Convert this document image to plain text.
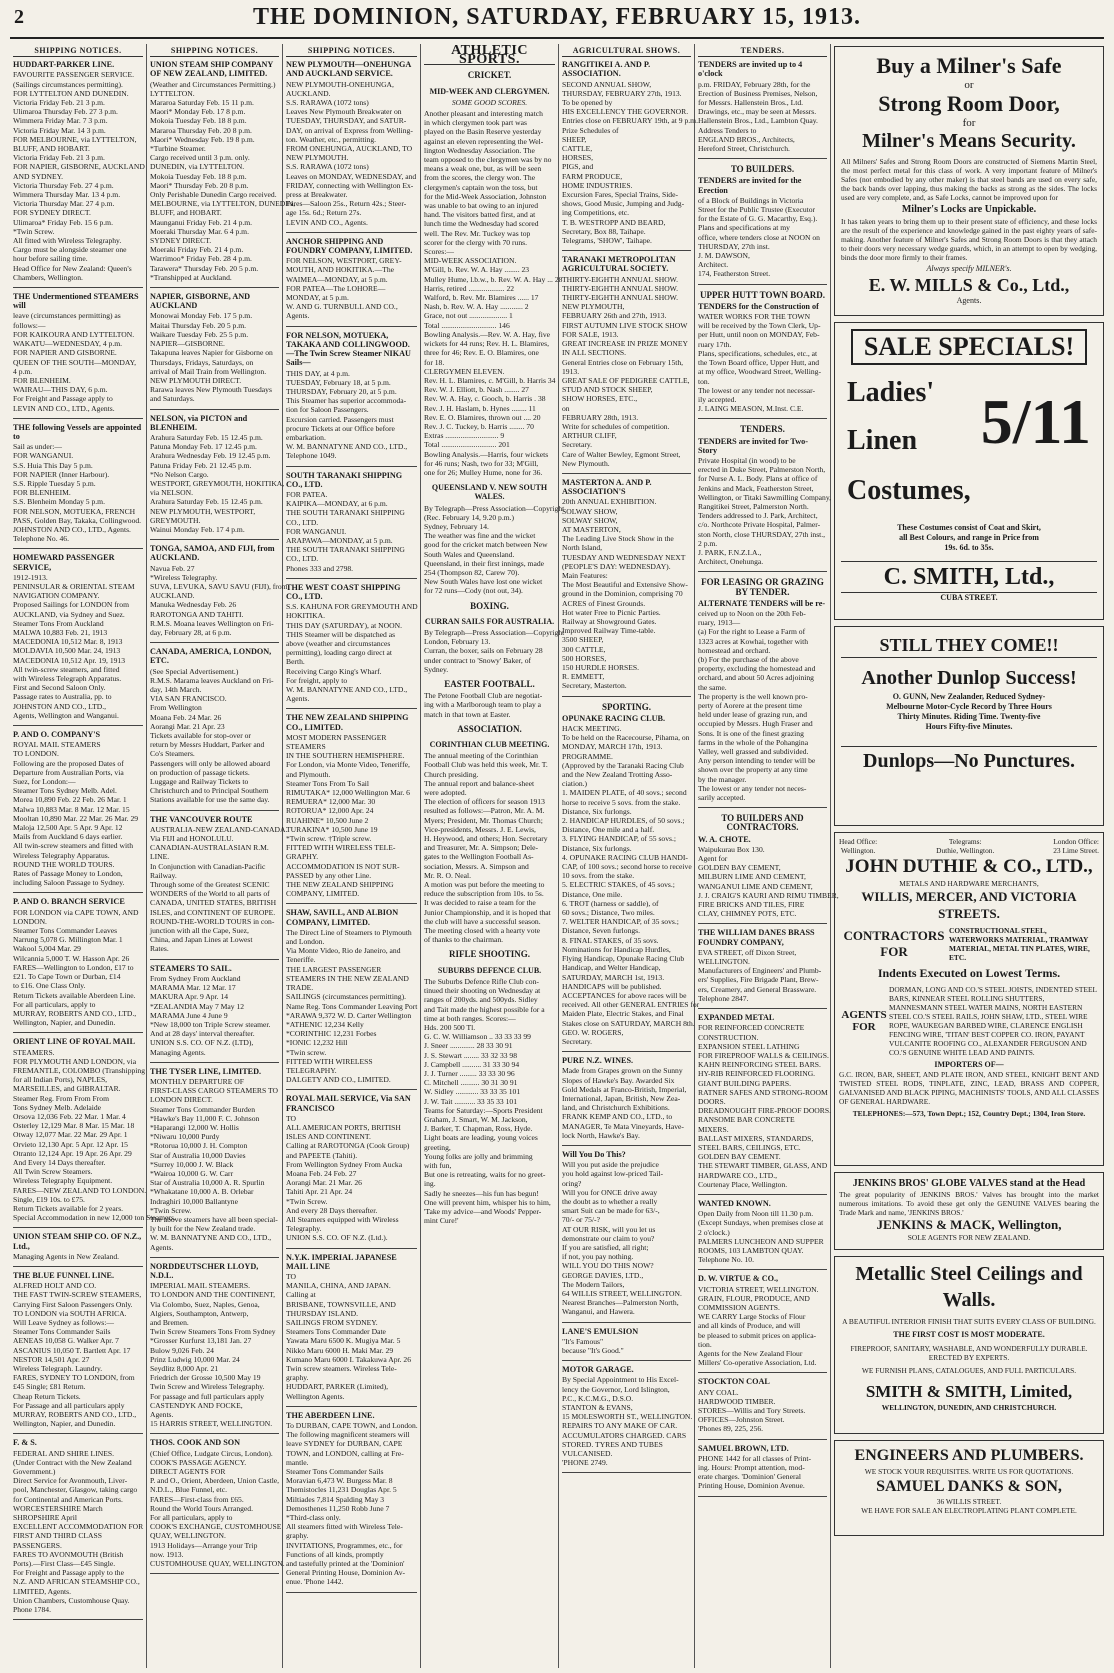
2	THE DOMINION, SATURDAY, FEBRUARY 15, 1913.
SHIPPING NOTICES.
HUDDART-PARKER LINE.
FAVOURITE PASSENGER SERVICE.
(Sailings circumstances permitting).
FOR LYTTELTON AND DUNEDIN.
Victoria Friday Feb. 21 3 p.m.
Ulimaroa Thursday Feb. 27 3 p.m.
Wimmera Friday Mar. 7 3 p.m.
Victoria Friday Mar. 14 3 p.m.
FOR MELBOURNE, via LYTTELTON,
BLUFF, AND HOBART.
Victoria Friday Feb. 21 3 p.m.
FOR NAPIER, GISBORNE, AUCKLAND
AND SYDNEY.
Victoria Thursday Feb. 27 4 p.m.
Wimmera Thursday Mar. 13 4 p.m.
Victoria Thursday Mar. 27 4 p.m.
FOR SYDNEY DIRECT.
Ulimaroa* Friday Feb. 15 6 p.m.
*Twin Screw.
All fitted with Wireless Telegraphy.
Cargo must be alongside steamer one
hour before sailing time.
Head Office for New Zealand: Queen's
Chambers, Wellington.
THE Undermentioned STEAMERS will
leave (circumstances permitting) as
follows:—
FOR KAIKOURA AND LYTTELTON.
WAKATU—WEDNESDAY, 4 p.m.
FOR NAPIER AND GISBORNE.
QUEEN OF THE SOUTH—MONDAY,
4 p.m.
FOR BLENHEIM.
WAIRAU—THIS DAY, 6 p.m.
For Freight and Passage apply to
LEVIN AND CO., LTD., Agents.
THE following Vessels are appointed to
Sail as under:—
FOR WANGANUI.
S.S. Huia This Day 5 p.m.
FOR NAPIER (Inner Harbour).
S.S. Ripple Tuesday 5 p.m.
FOR BLENHEIM.
S.S. Blenheim Monday 5 p.m.
FOR NELSON, MOTUEKA, FRENCH
PASS, Golden Bay, Takaka, Collingwood.
JOHNSTON AND CO., LTD., Agents.
Telephone No. 46.
HOMEWARD PASSENGER SERVICE,
1912-1913.
PENINSULAR & ORIENTAL STEAM
NAVIGATION COMPANY.
Proposed Sailings for LONDON from
AUCKLAND, via Sydney and Suez.
Steamer Tons From Auckland
MALWA 10,883 Feb. 21, 1913
MACEDONIA 10,512 Mar. 8, 1913
MOLDAVIA 10,500 Mar. 24, 1913
MACEDONIA 10,512 Apr. 19, 1913
All twin-screw steamers, and fitted
with Wireless Telegraph Apparatus.
First and Second Saloon Only.
Passage rates to Australia, pp. to
JOHNSTON AND CO., LTD.,
Agents, Wellington and Wanganui.
P. AND O. COMPANY'S
ROYAL MAIL STEAMERS
TO LONDON.
Following are the proposed Dates of
Departure from Australian Ports, via
Suez, for London:—
Steamer Tons Sydney Melb. Adel.
Morea 10,890 Feb. 22 Feb. 26 Mar. 1
Malwa 10,883 Mar. 8 Mar. 12 Mar. 15
Mooltan 10,890 Mar. 22 Mar. 26 Mar. 29
Maloja 12,500 Apr. 5 Apr. 9 Apr. 12
Mails from Auckland 6 days earlier.
All twin-screw steamers and fitted with
Wireless Telegraphy Apparatus.
ROUND THE WORLD TOURS.
Rates of Passage Money to London,
including Saloon Passage to Sydney.
P. AND O. BRANCH SERVICE
FOR LONDON via CAPE TOWN, AND
LONDON.
Steamer Tons Commander Leaves
Narrung 5,078 G. Millington Mar. 1
Wakool 5,004 Mar. 29
Wilcannia 5,000 T. W. Hasson Apr. 26
FARES—Wellington to London, £17 to
£21. To Cape Town or Durban, £14
to £16. One Class Only.
Return Tickets available Aberdeen Line.
For all particulars, apply to
MURRAY, ROBERTS AND CO., LTD.,
Wellington, Napier, and Dunedin.
ORIENT LINE OF ROYAL MAIL
STEAMERS.
FOR PLYMOUTH AND LONDON, via
FREMANTLE, COLOMBO (Transhipping
for all Indian Ports), NAPLES,
MARSEILLES, and GIBRALTAR.
Steamer Reg. From From From
Tons Sydney Melb. Adelaide
Orsova 12,036 Feb. 22 Mar. 1 Mar. 4
Osterley 12,129 Mar. 8 Mar. 15 Mar. 18
Otway 12,077 Mar. 22 Mar. 29 Apr. 1
Orvieto 12,130 Apr. 5 Apr. 12 Apr. 15
Otranto 12,124 Apr. 19 Apr. 26 Apr. 29
And Every 14 Days thereafter.
All Twin Screw Steamers.
Wireless Telegraphy Equipment.
FARES—NEW ZEALAND TO LONDON.
Single, £19 10s. to £75.
Return Tickets available for 2 years.
Special Accommodation in new 12,000 ton Steamers.
UNION STEAM SHIP CO. OF N.Z., Ltd.,
Managing Agents in New Zealand.
THE BLUE FUNNEL LINE.
ALFRED HOLT AND CO.
THE FAST TWIN-SCREW STEAMERS,
Carrying First Saloon Passengers Only.
TO LONDON via SOUTH AFRICA.
Will Leave Sydney as follows:—
Steamer Tons Commander Sails
AENEAS 10,058 G. Walker Apr. 7
ASCANIUS 10,050 T. Bartlett Apr. 17
NESTOR 14,501 Apr. 27
Wireless Telegraph. Laundry.
FARES, SYDNEY TO LONDON, from
£45 Single; £81 Return.
Cheap Return Tickets.
For Passage and all particulars apply
MURRAY, ROBERTS AND CO., LTD.,
Wellington, Napier, and Dunedin.
F. & S.
FEDERAL AND SHIRE LINES.
(Under Contract with the New Zealand
Government.)
Direct Service for Avonmouth, Liver-
pool, Manchester, Glasgow, taking cargo
for Continental and American Ports.
WORCESTERSHIRE March
SHROPSHIRE April
EXCELLENT ACCOMMODATION FOR
FIRST AND THIRD CLASS
PASSENGERS.
FARES TO AVONMOUTH (British
Ports).—First Class—£45 Single.
For Freight and Passage apply to the
N.Z. AND AFRICAN STEAMSHIP CO.,
LIMITED, Agents.
Union Chambers, Customhouse Quay.
Phone 1784.
SHIPPING NOTICES.
UNION STEAM SHIP COMPANY OF NEW ZEALAND, LIMITED.
(Weather and Circumstances Permitting.)
LYTTELTON.
Mararoa Saturday Feb. 15 11 p.m.
Maori* Monday Feb. 17 8 p.m.
Mokoia Tuesday Feb. 18 8 p.m.
Mararoa Thursday Feb. 20 8 p.m.
Maori* Wednesday Feb. 19 8 p.m.
*Turbine Steamer.
Cargo received until 3 p.m. only.
DUNEDIN, via LYTTELTON.
Mokoia Tuesday Feb. 18 8 p.m.
Maori* Thursday Feb. 20 8 p.m.
Only Perishable Dunedin Cargo received.
MELBOURNE, via LYTTELTON, DUNEDIN,
BLUFF, and HOBART.
Maunganui Friday Feb. 21 4 p.m.
Moeraki Thursday Mar. 6 4 p.m.
SYDNEY DIRECT.
Moeraki Friday Feb. 21 4 p.m.
Warrimoo* Friday Feb. 28 4 p.m.
Tarawera* Thursday Feb. 20 5 p.m.
*Transhipped at Auckland.
NAPIER, GISBORNE, AND AUCKLAND
Monowai Monday Feb. 17 5 p.m.
Maitai Thursday Feb. 20 5 p.m.
Waikare Tuesday Feb. 25 5 p.m.
NAPIER—GISBORNE.
Takapuna leaves Napier for Gisborne on
Thursdays, Fridays, Saturdays, on
arrival of Mail Train from Wellington.
NEW PLYMOUTH DIRECT.
Rarawa leaves New Plymouth Tuesdays
and Saturdays.
NELSON, via PICTON and BLENHEIM.
Arahura Saturday Feb. 15 12.45 p.m.
Patuna Monday Feb. 17 12.45 p.m.
Arahura Wednesday Feb. 19 12.45 p.m.
Patuna Friday Feb. 21 12.45 p.m.
*No Nelson Cargo.
WESTPORT, GREYMOUTH, HOKITIKA,
via NELSON.
Arahura Saturday Feb. 15 12.45 p.m.
NEW PLYMOUTH, WESTPORT,
GREYMOUTH.
Wainui Monday Feb. 17 4 p.m.
TONGA, SAMOA, AND FIJI, from AUCKLAND.
Navua Feb. 27
*Wireless Telegraphy.
SUVA, LEVUKA, SAVU SAVU (FIJI), from
AUCKLAND.
Manuka Wednesday Feb. 26
RAROTONGA AND TAHITI.
R.M.S. Moana leaves Wellington on Fri-
day, February 28, at 6 p.m.
CANADA, AMERICA, LONDON, ETC.
(See Special Advertisement.)
R.M.S. Marama leaves Auckland on Fri-
day, 14th March.
VIA SAN FRANCISCO.
From Wellington
Moana Feb. 24 Mar. 26
Aorangi Mar. 21 Apr. 23
Tickets available for stop-over or
return by Messrs Huddart, Parker and
Co's Steamers.
Passengers will only be allowed aboard
on production of passage tickets.
Luggage and Railway Tickets to
Christchurch and to Principal Southern
Stations available for use the same day.
THE VANCOUVER ROUTE
AUSTRALIA-NEW ZEALAND-CANADA.
Via FIJI and HONOLULU.
CANADIAN-AUSTRALASIAN R.M.
LINE.
In Conjunction with Canadian-Pacific
Railway.
Through some of the Greatest SCENIC
WONDERS of the World to all parts of
CANADA, UNITED STATES, BRITISH
ISLES, and CONTINENT OF EUROPE.
ROUND-THE-WORLD TOURS in con-
junction with all the Cape, Suez,
China, and Japan Lines at Lowest
Rates.
STEAMERS TO SAIL.
From Sydney From Auckland
MARAMA Mar. 12 Mar. 17
MAKURA Apr. 9 Apr. 14
*ZEALANDIA May 7 May 12
MARAMA June 4 June 9
*New 18,000 ton Triple Screw steamer.
And at 28 days' interval thereafter.
UNION S.S. CO. OF N.Z. (LTD),
Managing Agents.
THE TYSER LINE, LIMITED.
MONTHLY DEPARTURE OF
FIRST-CLASS CARGO STEAMERS TO
LONDON DIRECT.
Steamer Tons Commander Burden
*Hawke's Bay 11,000 F. C. Johnson
*Haparangi 12,000 W. Hollis
*Niwaru 10,000 Purdy
*Rotorua 10,000 J. H. Compton
Star of Australia 10,000 Davies
*Surrey 10,000 J. W. Black
*Wairoa 10,000 G. W. Carr
Star of Australia 10,000 A. R. Spurlin
*Whakatane 10,000 A. B. Orlebar
Indraghiri 10,000 Ballantyne
*Twin Screw.
The above steamers have all been special-
ly built for the New Zealand trade.
W. M. BANNATYNE AND CO., LTD.,
Agents.
NORDDEUTSCHER LLOYD, N.D.L.
IMPERIAL MAIL STEAMERS.
TO LONDON AND THE CONTINENT,
Via Colombo, Suez, Naples, Genoa,
Algiers, Southampton, Antwerp,
and Bremen.
Twin Screw Steamers Tons From Sydney
*Grosser Kurfurst 13,181 Jan. 27
Bulow 9,026 Feb. 24
Prinz Ludwig 10,000 Mar. 24
Seydlitz 8,000 Apr. 21
Friedrich der Grosse 10,500 May 19
Twin Screw and Wireless Telegraphy.
For passage and full particulars apply
CASTENDYK AND FOCKE,
Agents.
15 HARRIS STREET, WELLINGTON.
THOS. COOK AND SON
(Chief Office, Ludgate Circus, London).
COOK'S PASSAGE AGENCY.
DIRECT AGENTS FOR
P. and O., Orient, Aberdeen, Union Castle,
N.D.L., Blue Funnel, etc.
FARES—First-class from £65.
Round the World Tours Arranged.
For all particulars, apply to
COOK'S EXCHANGE, CUSTOMHOUSE
QUAY, WELLINGTON.
1913 Holidays—Arrange your Trip
now. 1913.
CUSTOMHOUSE QUAY, WELLINGTON.
SHIPPING NOTICES.
NEW PLYMOUTH—ONEHUNGA AND AUCKLAND SERVICE.
NEW PLYMOUTH-ONEHUNGA,
AUCKLAND.
S.S. RARAWA (1072 tons)
Leaves New Plymouth Breakwater on
TUESDAY, THURSDAY, and SATUR-
DAY, on arrival of Express from Welling-
ton. Weather, etc., permitting.
FROM ONEHUNGA, AUCKLAND, TO
NEW PLYMOUTH.
S.S. RARAWA (1072 tons)
Leaves on MONDAY, WEDNESDAY, and
FRIDAY, connecting with Wellington Ex-
press at Breakwater.
Fares—Saloon 25s., Return 42s.; Steer-
age 15s. 6d.; Return 27s.
LEVIN AND CO., Agents.
ANCHOR SHIPPING AND FOUNDRY COMPANY, LIMITED.
FOR NELSON, WESTPORT, GREY-
MOUTH, AND HOKITIKA.—The
WAIMEA—MONDAY, at 5 p.m.
FOR PATEA—The LOHORE—
MONDAY, at 5 p.m.
W. AND G. TURNBULL AND CO.,
Agents.
FOR NELSON, MOTUEKA, TAKAKA AND COLLINGWOOD.—The Twin Screw Steamer NIKAU Sails—
THIS DAY, at 4 p.m.
TUESDAY, February 18, at 5 p.m.
THURSDAY, February 20, at 5 p.m.
This Steamer has superior accommoda-
tion for Saloon Passengers.
Excursion carried. Passengers must
procure Tickets at our Office before
embarkation.
W. M. BANNATYNE AND CO., LTD.,
Telephone 1049.
SOUTH TARANAKI SHIPPING CO., LTD.
FOR PATEA.
KAIPIKA—MONDAY, at 6 p.m.
THE SOUTH TARANAKI SHIPPING
CO., LTD.
FOR WANGANUI.
ARAPAWA—MONDAY, at 5 p.m.
THE SOUTH TARANAKI SHIPPING
CO., LTD.
Phones 333 and 2798.
THE WEST COAST SHIPPING CO., LTD.
S.S. KAHUNA FOR GREYMOUTH AND
HOKITIKA.
THIS DAY (SATURDAY), at NOON.
THIS Steamer will be dispatched as
above (weather and circumstances
permitting), loading cargo direct at
Berth.
Receiving Cargo King's Wharf.
For freight, apply to
W. M. BANNATYNE AND CO., LTD.,
Agents.
THE NEW ZEALAND SHIPPING CO., LIMITED.
MOST MODERN PASSENGER
STEAMERS
IN THE SOUTHERN HEMISPHERE.
For London, via Monte Video, Teneriffe,
and Plymouth.
Steamer Tons From To Sail
RIMUTAKA* 12,000 Wellington Mar. 6
REMUERA* 12,000 Mar. 30
ROTORUA* 12,000 Apr. 24
RUAHINE* 10,500 June 2
TURAKINA* 10,500 June 19
*Twin screw. †Triple screw.
FITTED WITH WIRELESS TELE-
GRAPHY.
ACCOMMODATION IS NOT SUR-
PASSED by any other Line.
THE NEW ZEALAND SHIPPING
COMPANY, LIMITED.
SHAW, SAVILL, AND ALBION COMPANY, LIMITED.
The Direct Line of Steamers to Plymouth
and London.
Via Monte Video, Rio de Janeiro, and
Teneriffe.
THE LARGEST PASSENGER
STEAMERS IN THE NEW ZEALAND
TRADE.
SAILINGS (circumstances permitting).
Name Reg. Tons Commander Leaving Port
*ARAWA 9,372 W. D. Carter Wellington
*ATHENIC 12,234 Kelly
*CORINTHIC 12,231 Forbes
*IONIC 12,232 Hill
*Twin screw.
FITTED WITH WIRELESS
TELEGRAPHY.
DALGETY AND CO., LIMITED.
ROYAL MAIL SERVICE, Via SAN FRANCISCO
TO
ALL AMERICAN PORTS, BRITISH
ISLES AND CONTINENT.
Calling at RAROTONGA (Cook Group)
and PAPEETE (Tahiti).
From Wellington Sydney From Aucka
Moana Feb. 24 Feb. 27
Aorangi Mar. 21 Mar. 26
Tahiti Apr. 21 Apr. 24
*Twin Screw.
And every 28 Days thereafter.
All Steamers equipped with Wireless
Telegraphy.
UNION S.S. CO. OF N.Z. (Ltd.).
N.Y.K. IMPERIAL JAPANESE MAIL LINE
TO
MANILA, CHINA, AND JAPAN.
Calling at
BRISBANE, TOWNSVILLE, AND
THURSDAY ISLAND.
SAILINGS FROM SYDNEY.
Steamers Tons Commander Date
Yawata Maru 6500 K. Mugiya Mar. 5
Nikko Maru 6000 H. Maki Mar. 29
Kumano Maru 6000 I. Takakuwa Apr. 26
Twin screw steamers. Wireless Tele-
graphy.
HUDDART, PARKER (Limited),
Wellington Agents.
THE ABERDEEN LINE.
To DURBAN, CAPE TOWN, and London.
The following magnificent steamers will
leave SYDNEY for DURBAN, CAPE
TOWN, and LONDON, calling at Fre-
mantle.
Steamer Tons Commander Sails
Moravian 6,473 W. Burgess Mar. 8
Themistocles 11,231 Douglas Apr. 5
Miltiades 7,814 Spalding May 3
Demosthenes 11,250 Robb June 7
*Third-class only.
All steamers fitted with Wireless Tele-
graphy.
INVITATIONS, Programmes, etc., for
Functions of all kinds, promptly
and tastefully printed at the 'Dominion'
General Printing House, Dominion Av-
enue. 'Phone 1442.
ATHLETIC SPORTS.
CRICKET.
MID-WEEK AND CLERGYMEN.
SOME GOOD SCORES.
Another pleasant and interesting match
in which clergymen took part was
played on the Basin Reserve yesterday
against an eleven representing the Wel-
lington Wednesday Association. The
team opposed to the clergymen was by no
means a weak one, but, as will be seen
from the scores, the clergy won. The
clergymen's captain won the toss, but
for the Mid-Week Association, Johnston
was unable to bat owing to an injured
hand. The visitors batted first, and at
lunch time the Wednesday had scored
well. The Rev. Mr. Tuckey was top
scorer for the clergy with 70 runs.
Scores:—
MID-WEEK ASSOCIATION.
M'Gill, b. Rev. W. A. Hay ........ 23
Mulley Hume, l.b.w., b. Rev. W. A. Hay ... 28
Harris, retired ................... 22
Walford, b. Rev. Mr. Blamires ...... 17
Nash, b. Rev. W. A. Hay ............ 2
Grace, not out .................... 1
Total ............................. 146
Bowling Analysis.—Rev. W. A. Hay, five
wickets for 44 runs; Rev. H. L. Blamires,
three for 46; Rev. E. O. Blamires, one
for 18.
CLERGYMEN ELEVEN.
Rev. H. L. Blamires, c. M'Gill, b. Harris 34
Rev. W. J. Elliott, b. Nash ........ 27
Rev. W. A. Hay, c. Gooch, b. Harris . 38
Rev. J. H. Haslam, b. Hynes ........ 11
Rev. E. O. Blamires, thrown out .... 20
Rev. J. C. Tuckey, b. Harris ........ 70
Extras ............................ 9
Total ............................. 201
Bowling Analysis.—Harris, four wickets
for 46 runs; Nash, two for 33; M'Gill,
one for 26; Mulley Hume, none for 36.
QUEENSLAND V. NEW SOUTH WALES.
By Telegraph—Press Association—Copyright
(Rec. February 14, 9.20 p.m.)
Sydney, February 14.
The weather was fine and the wicket
good for the cricket match between New
South Wales and Queensland.
Queensland, in their first innings, made
254 (Thompson 82, Carew 70).
New South Wales have lost one wicket
for 72 runs—Cody (not out, 34).
BOXING.
CURRAN SAILS FOR AUSTRALIA.
By Telegraph—Press Association—Copyright
London, February 13.
Curran, the boxer, sails on February 28
under contract to 'Snowy' Baker, of
Sydney.
EASTER FOOTBALL.
The Petone Football Club are negotiat-
ing with a Marlborough team to play a
match in that town at Easter.
ASSOCIATION.
CORINTHIAN CLUB MEETING.
The annual meeting of the Corinthian
Football Club was held this week, Mr. T.
Church presiding.
The annual report and balance-sheet
were adopted.
The election of officers for season 1913
resulted as follows:—Patron, Mr. A. M.
Myers; President, Mr. Thomas Church;
Vice-presidents, Messrs. J. E. Lewis,
H. Heywood, and others; Hon. Secretary
and Treasurer, Mr. A. Simpson; Dele-
gates to the Wellington Football As-
sociation, Messrs. A. Simpson and
Mr. R. O. Neal.
A motion was put before the meeting to
reduce the subscription from 10s. to 5s.
It was decided to raise a team for the
Junior Championship, and it is hoped that
the club will have a successful season.
The meeting closed with a hearty vote
of thanks to the chairman.
RIFLE SHOOTING.
SUBURBS DEFENCE CLUB.
The Suburbs Defence Rifle Club con-
tinued their shooting on Wednesday at
ranges of 200yds. and 500yds. Sidley
and Tait made the highest possible for a
time at both ranges. Scores:—
Hds. 200 500 Tl.
G. C. W. Williamson .. 33 33 33 99
J. Sneer ............. 28 33 30 91
J. S. Stewart ........ 33 32 33 98
J. Campbell .......... 31 33 30 94
J. J. Turner ......... 33 33 30 96
C. Mitchell .......... 30 31 30 91
W. Sidley ............ 33 33 35 101
J. W. Tait ........... 33 35 33 101
Teams for Saturday:—Sports President
Graham, J. Smart, W. M. Jackson,
J. Barker, T. Chapman, Ross, Hyde.
Light boats are leading, young voices
greeting,
Young folks are jolly and brimming
with fun,
But one is retreating, waits for no greet-
ing.
Sadly he sneezes—his fun has begun!
One will prevent him, whisper his to him,
'Take my advice—and Woods' Pepper-
mint Cure!'
AGRICULTURAL SHOWS.
RANGITIKEI A. AND P. ASSOCIATION.
SECOND ANNUAL SHOW,
THURSDAY, FEBRUARY 27th, 1913.
To be opened by
HIS EXCELLENCY THE GOVERNOR.
Entries close on FEBRUARY 19th, at 9 p.m.
Prize Schedules of
SHEEP,
CATTLE,
HORSES,
PIGS, and
FARM PRODUCE,
HOME INDUSTRIES.
Excursion Fares, Special Trains, Side-
shows, Good Music, Jumping and Judg-
ing Competitions, etc.
T. B. WESTROPP AND BEARD,
Secretary, Box 88, Taihape.
Telegrams, 'SHOW', Taihape.
TARANAKI METROPOLITAN AGRICULTURAL SOCIETY.
THIRTY-EIGHTH ANNUAL SHOW.
THIRTY-EIGHTH ANNUAL SHOW.
THIRTY-EIGHTH ANNUAL SHOW.
NEW PLYMOUTH,
FEBRUARY 26th and 27th, 1913.
FIRST AUTUMN LIVE STOCK SHOW
FOR SALE, 1913.
GREAT INCREASE IN PRIZE MONEY
IN ALL SECTIONS.
General Entries close on February 15th,
1913.
GREAT SALE OF PEDIGREE CATTLE,
STUD AND STOCK SHEEP,
SHOW HORSES, ETC.,
on
FEBRUARY 28th, 1913.
Write for schedules of competition.
ARTHUR CLIFF,
Secretary.
Care of Walter Bewley, Egmont Street,
New Plymouth.
MASTERTON A. AND P. ASSOCIATION'S
20th ANNUAL EXHIBITION.
SOLWAY SHOW,
SOLWAY SHOW,
AT MASTERTON,
The Leading Live Stock Show in the
North Island,
TUESDAY AND WEDNESDAY NEXT
(PEOPLE'S DAY: WEDNESDAY).
Main Features:
The Most Beautiful and Extensive Show-
ground in the Dominion, comprising 70
ACRES of Finest Grounds.
Hot water Free to Picnic Parties.
Railway at Showground Gates.
Improved Railway Time-table.
3500 SHEEP,
300 CATTLE,
500 HORSES,
150 HURDLE HORSES.
R. EMMETT,
Secretary, Masterton.
SPORTING.
OPUNAKE RACING CLUB.
HACK MEETING.
To be held on the Racecourse, Pihama, on
MONDAY, MARCH 17th, 1913.
PROGRAMME.
(Approved by the Taranaki Racing Club
and the New Zealand Trotting Asso-
ciation.)
1. MAIDEN PLATE, of 40 sovs.; second
horse to receive 5 sovs. from the stake.
Distance, Six furlongs.
2. HANDICAP HURDLES, of 50 sovs.;
Distance, One mile and a half.
3. FLYING HANDICAP, of 55 sovs.;
Distance, Six furlongs.
4. OPUNAKE RACING CLUB HANDI-
CAP, of 100 sovs.; second horse to receive
10 sovs. from the stake.
5. ELECTRIC STAKES, of 45 sovs.;
Distance, One mile.
6. TROT (harness or saddle), of
60 sovs.; Distance, Two miles.
7. WELTER HANDICAP, of 35 sovs.;
Distance, Seven furlongs.
8. FINAL STAKES, of 35 sovs.
Nominations for Handicap Hurdles,
Flying Handicap, Opunake Racing Club
Handicap, and Welter Handicap,
SATURDAY, MARCH 1st, 1913.
HANDICAPS will be published.
ACCEPTANCES for above races will be
received. All other GENERAL ENTRIES for
Maiden Plate, Electric Stakes, and Final
Stakes close on SATURDAY, MARCH 8th.
GEO. W. ROGERS,
Secretary.
PURE N.Z. WINES.
Made from Grapes grown on the Sunny
Slopes of Hawke's Bay. Awarded Six
Gold Medals at Franco-British, Imperial,
International, Japan, British, New Zea-
land, and Christchurch Exhibitions.
FRANK KEMP AND CO., LTD., to
MANAGER, Te Mata Vineyards, Have-
lock North, Hawke's Bay.
Will You Do This?
Will you put aside the prejudice
you hold against low-priced Tail-
oring?
Will you for ONCE drive away
the doubt as to whether a really
smart Suit can be made for 63/-,
70/- or 75/-?
AT OUR RISK, will you let us
demonstrate our claim to you?
If you are satisfied, all right;
if not, you pay nothing.
WILL YOU DO THIS NOW?
GEORGE DAVIES, LTD.,
The Modern Tailors,
64 WILLIS STREET, WELLINGTON.
Nearest Branches—Palmerston North,
Wanganui, and Hawera.
LANE'S EMULSION
"It's Famous"
because "It's Good."
MOTOR GARAGE.
By Special Appointment to His Excel-
lency the Governor, Lord Islington,
P.C., K.C.M.G., D.S.O.
STANTON & EVANS,
15 MOLESWORTH ST., WELLINGTON.
REPAIRS TO ANY MAKE OF CAR.
ACCUMULATORS CHARGED. CARS
STORED. TYRES AND TUBES
VULCANISED.
'PHONE 2749.
TENDERS.
TENDERS are invited up to 4 o'clock
p.m. FRIDAY, February 28th, for the
Erection of Business Premises, Nelson,
for Messrs. Hallenstein Bros., Ltd.
Drawings, etc., may be seen at Messrs.
Hallenstein Bros., Ltd., Lambton Quay.
Address Tenders to
ENGLAND BROS., Architects,
Hereford Street, Christchurch.
TO BUILDERS.
TENDERS are invited for the Erection
of a Block of Buildings in Victoria
Street for the Public Trustee (Executor
for the Estate of G. G. Macarthy, Esq.).
Plans and specifications at my
office, where tenders close at NOON on
THURSDAY, 27th inst.
J. M. DAWSON,
Architect.
174, Featherston Street.
UPPER HUTT TOWN BOARD.
TENDERS for the Construction of
WATER WORKS FOR THE TOWN
will be received by the Town Clerk, Up-
per Hutt, until noon on MONDAY, Feb-
ruary 17th.
Plans, specifications, schedules, etc., at
the Town Board office, Upper Hutt, and
at my office, Woodward Street, Welling-
ton.
The lowest or any tender not necessar-
ily accepted.
J. LAING MEASON, M.Inst. C.E.
TENDERS.
TENDERS are invited for Two-Story
Private Hospital (in wood) to be
erected in Duke Street, Palmerston North,
for Nurse A. L. Body. Plans at office of
Jenkins and Mack, Featherston Street,
Wellington, or Titaki Sawmilling Company,
Rangitikei Street, Palmerston North.
Tenders addressed to J. Park, Architect,
c/o. Northcote Private Hospital, Palmer-
ston North, close THURSDAY, 27th inst.,
2 p.m.
J. PARK, F.N.Z.I.A.,
Architect, Onehunga.
FOR LEASING OR GRAZING BY TENDER.
ALTERNATE TENDERS will be re-
ceived up to Noon on the 20th Feb-
ruary, 1913—
(a) For the right to Lease a Farm of
1323 acres at Kowhai, together with
homestead and orchard.
(b) For the purchase of the above
property, excluding the homestead and
orchard, and about 50 Acres adjoining
the same.
The property is the well known pro-
perty of Aorere at the present time
held under lease of grazing run, and
occupied by Messrs. Hugh Fraser and
Sons. It is one of the finest grazing
farms in the whole of the Pohangina
Valley, well grassed and subdivided.
Any person intending to tender will be
shown over the property at any time
by the manager.
The lowest or any tender not neces-
sarily accepted.
TO BUILDERS AND CONTRACTORS.
W. A. CHOTE.
Waipukurau Box 130.
Agent for
GOLDEN BAY CEMENT,
MILBURN LIME AND CEMENT,
WANGANUI LIME AND CEMENT,
J. J. CRAIG'S KAURI AND RIMU TIMBER,
FIRE BRICKS AND TILES, FIRE
CLAY, CHIMNEY POTS, ETC.
THE WILLIAM DANES BRASS FOUNDRY COMPANY,
EVA STREET, off Dixon Street,
WELLINGTON.
Manufacturers of Engineers' and Plumb-
ers' Supplies, Fire Brigade Plant, Brew-
ers, Creamery, and General Brassware.
Telephone 2847.
EXPANDED METAL
FOR REINFORCED CONCRETE
CONSTRUCTION.
EXPANSION STEEL LATHING
FOR FIREPROOF WALLS & CEILINGS.
KAHN REINFORCING STEEL BARS.
HY-RIB REINFORCED FLOORING.
GIANT BUILDING PAPERS.
RATNER SAFES AND STRONG-ROOM
DOORS.
DREADNOUGHT FIRE-PROOF DOORS.
RANSOME BAR CONCRETE
MIXERS.
BALLAST MIXERS, STANDARDS,
STEEL BARS, CEILINGS, ETC.
GOLDEN BAY CEMENT.
THE STEWART TIMBER, GLASS, AND
HARDWARE CO., LTD.,
Courtenay Place, Wellington.
WANTED KNOWN.
Open Daily from Noon till 11.30 p.m.
(Except Sundays, when premises close at
2 o'clock.)
PALMERS LUNCHEON AND SUPPER
ROOMS, 103 LAMBTON QUAY.
Telephone No. 10.
D. W. VIRTUE & CO.,
VICTORIA STREET, WELLINGTON.
GRAIN, FLOUR, PRODUCE, AND
COMMISSION AGENTS.
WE CARRY Large Stocks of Flour
and all kinds of Produce, and will
be pleased to submit prices on applica-
tion.
Agents for the New Zealand Flour
Millers' Co-operative Association, Ltd.
STOCKTON COAL
ANY COAL.
HARDWOOD TIMBER.
STORES—Willis and Tory Streets.
OFFICES—Johnston Street.
'Phones 89, 225, 256.
SAMUEL BROWN, LTD.
PHONE 1442 for all classes of Print-
ing. Hours: Prompt attention, mod-
erate charges. 'Dominion' General
Printing House, Dominion Avenue.
Buy a Milner's Safe
or
Strong Room Door,
for
Milner's Means Security.
All Milners' Safes and Strong Room Doors are constructed of Siemens Martin Steel, the most perfect metal for this class of work. A very important feature of Milner's Safes (not embodied by any other maker) is that steel bands are used on every safe, the back bands over lapping, thus making the backs as strong as the sides. The locks used are very complete, and, as Safe Locks, cannot be improved upon for
Milner's Locks are Unpickable.
It has taken years to bring them up to their present state of efficiency, and these locks are the result of the experience and knowledge gained in the past eighty years of safe-making. Another feature of Milner's Safes and Strong Room Doors is that they attach to their doors very necessary wedge guards, which, in an attempt to open by wedging, binds the door more firmly to their frames.
Always specify MILNER's.
E. W. MILLS & Co., Ltd.,
Agents.
SALE SPECIALS!
Ladies'
Linen
Costumes,
5/11
These Costumes consist of Coat and Skirt,
all Best Colours, and range in Price from
19s. 6d. to 35s.
C. SMITH, Ltd.,
CUBA STREET.
STILL THEY COME!!
Another Dunlop Success!
O. GUNN, New Zealander, Reduced Sydney-
Melbourne Motor-Cycle Record by Three Hours
Thirty Minutes. Riding Time. Twenty-five
Hours Fifty-five Minutes.
Dunlops—No Punctures.
Head Office:
Wellington.
Telegrams:
Duthie, Wellington.
London Office:
23 Lime Street.
JOHN DUTHIE & CO., LTD.,
METALS AND HARDWARE MERCHANTS,
WILLIS, MERCER, AND VICTORIA STREETS.
CONTRACTORS FOR
CONSTRUCTIONAL STEEL, WATERWORKS MATERIAL, TRAMWAY MATERIAL, METAL TIN PLATES, WIRE, ETC.
Indents Executed on Lowest Terms.
AGENTS FOR
DORMAN, LONG AND CO.'S STEEL JOISTS, INDENTED STEEL BARS, KINNEAR STEEL ROLLING SHUTTERS, MANNESMANN STEEL WATER MAINS, NORTH EASTERN STEEL CO.'S STEEL RAILS, JOHN SHAW, LTD., STEEL WIRE ROPE, WAUKEGAN BARBED WIRE, CLARENCE ENGLISH FENCING WIRE, 'TITAN' BEST COPPER CO. IRON, PAYANT VULCANITE ROOFING CO., ALEXANDER FERGUSON AND CO.'S GENUINE WHITE LEAD AND PAINTS.
IMPORTERS OF—
G.C. IRON, BAR, SHEET, AND PLATE IRON, AND STEEL, KNIGHT BENT AND TWISTED STEEL RODS, TINPLATE, ZINC, LEAD, BRASS AND COPPER, GALVANISED AND BLACK PIPING, MACHINISTS' TOOLS, AND ALL CLASSES OF GENERAL HARDWARE.
TELEPHONES:—573, Town Dept.; 152, Country Dept.; 1304, Iron Store.
JENKINS BROS' GLOBE VALVES stand at the Head
The great popularity of JENKINS BROS.' Valves has brought into the market numerous imitations. To avoid these get only the GENUINE VALVES bearing the Trade Mark and name, 'JENKINS BROS.'
JENKINS & MACK, Wellington,
SOLE AGENTS FOR NEW ZEALAND.
Metallic Steel Ceilings and Walls.
A BEAUTIFUL INTERIOR FINISH THAT SUITS EVERY CLASS OF BUILDING.
THE FIRST COST IS MOST MODERATE.
FIREPROOF, SANITARY, WASHABLE, AND WONDERFULLY DURABLE. ERECTED BY EXPERTS.
WE FURNISH PLANS, CATALOGUES, AND FULL PARTICULARS.
SMITH & SMITH, Limited,
WELLINGTON, DUNEDIN, AND CHRISTCHURCH.
ENGINEERS AND PLUMBERS.
WE STOCK YOUR REQUISITES. WRITE US FOR QUOTATIONS.
SAMUEL DANKS & SON,
36 WILLIS STREET.
WE HAVE FOR SALE AN ELECTROPLATING PLANT COMPLETE.
